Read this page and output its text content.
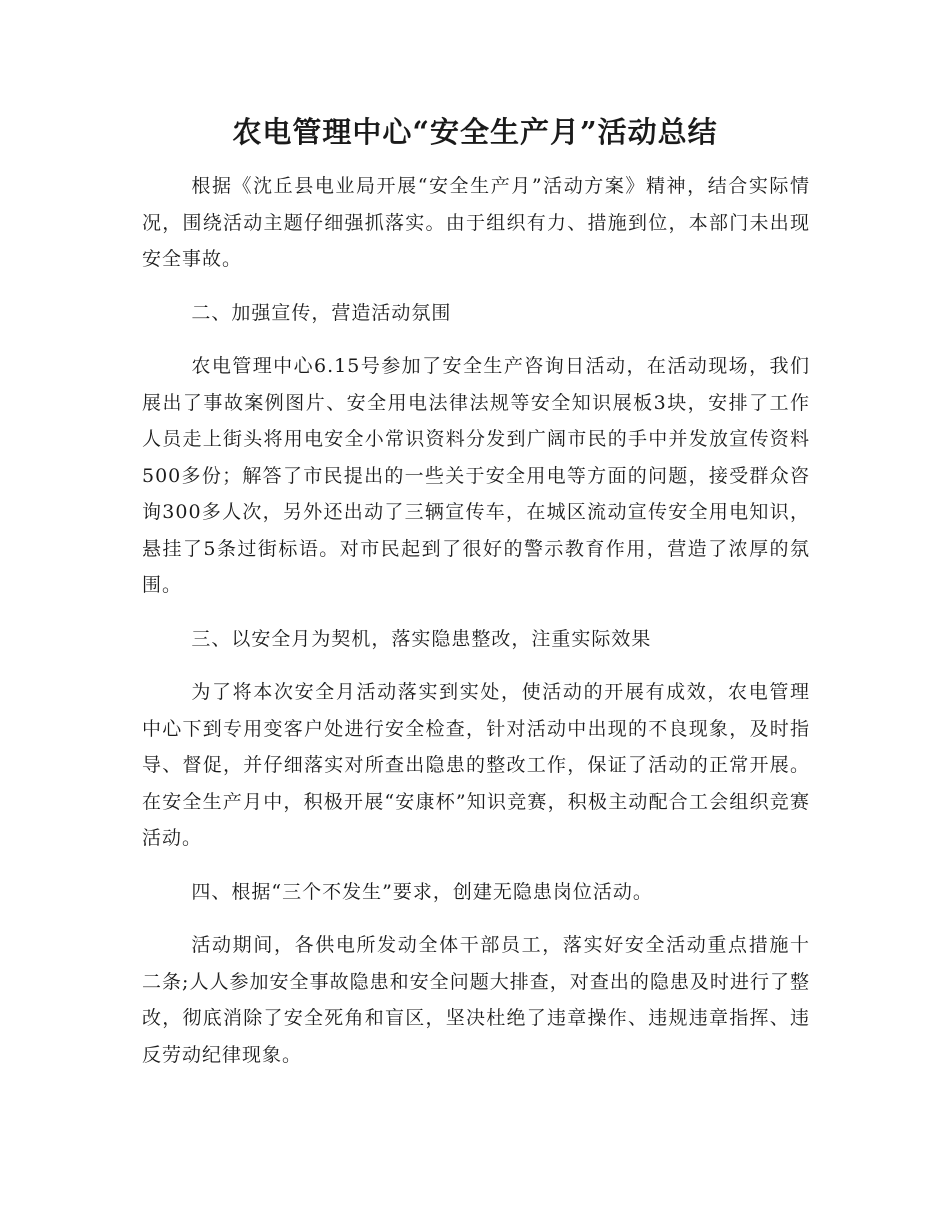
农电管理中心“安全生产月”活动总结

根据《沈丘县电业局开展“安全生产月”活动方案》精神，结合实际情况，围绕活动主题仔细强抓落实。由于组织有力、措施到位，本部门未出现安全事故。

二、加强宣传，营造活动氛围

农电管理中心6.15号参加了安全生产咨询日活动，在活动现场，我们展出了事故案例图片、安全用电法律法规等安全知识展板3块，安排了工作人员走上街头将用电安全小常识资料分发到广阔市民的手中并发放宣传资料500多份；解答了市民提出的一些关于安全用电等方面的问题，接受群众咨询300多人次，另外还出动了三辆宣传车，在城区流动宣传安全用电知识，悬挂了5条过街标语。对市民起到了很好的警示教育作用，营造了浓厚的氛围。

三、以安全月为契机，落实隐患整改，注重实际效果

为了将本次安全月活动落实到实处，使活动的开展有成效，农电管理中心下到专用变客户处进行安全检查，针对活动中出现的不良现象，及时指导、督促，并仔细落实对所查出隐患的整改工作，保证了活动的正常开展。在安全生产月中，积极开展“安康杯”知识竞赛，积极主动配合工会组织竞赛活动。

四、根据“三个不发生”要求，创建无隐患岗位活动。

活动期间，各供电所发动全体干部员工，落实好安全活动重点措施十二条;人人参加安全事故隐患和安全问题大排查，对查出的隐患及时进行了整改，彻底消除了安全死角和盲区，坚决杜绝了违章操作、违规违章指挥、违反劳动纪律现象。
